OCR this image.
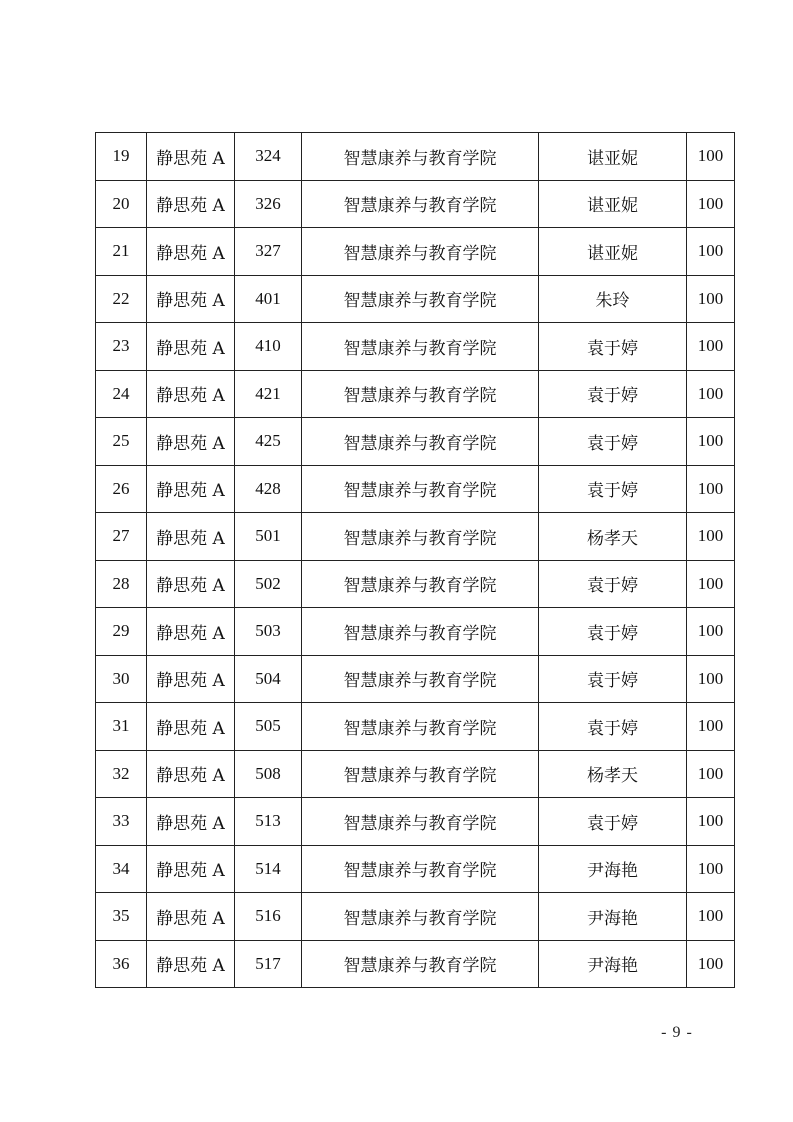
19	静思苑 A	324	智慧康养与教育学院	谌亚妮	100
20	静思苑 A	326	智慧康养与教育学院	谌亚妮	100
21	静思苑 A	327	智慧康养与教育学院	谌亚妮	100
22	静思苑 A	401	智慧康养与教育学院	朱玲	100
23	静思苑 A	410	智慧康养与教育学院	袁于婷	100
24	静思苑 A	421	智慧康养与教育学院	袁于婷	100
25	静思苑 A	425	智慧康养与教育学院	袁于婷	100
26	静思苑 A	428	智慧康养与教育学院	袁于婷	100
27	静思苑 A	501	智慧康养与教育学院	杨孝天	100
28	静思苑 A	502	智慧康养与教育学院	袁于婷	100
29	静思苑 A	503	智慧康养与教育学院	袁于婷	100
30	静思苑 A	504	智慧康养与教育学院	袁于婷	100
31	静思苑 A	505	智慧康养与教育学院	袁于婷	100
32	静思苑 A	508	智慧康养与教育学院	杨孝天	100
33	静思苑 A	513	智慧康养与教育学院	袁于婷	100
34	静思苑 A	514	智慧康养与教育学院	尹海艳	100
35	静思苑 A	516	智慧康养与教育学院	尹海艳	100
36	静思苑 A	517	智慧康养与教育学院	尹海艳	100
- 9 -
